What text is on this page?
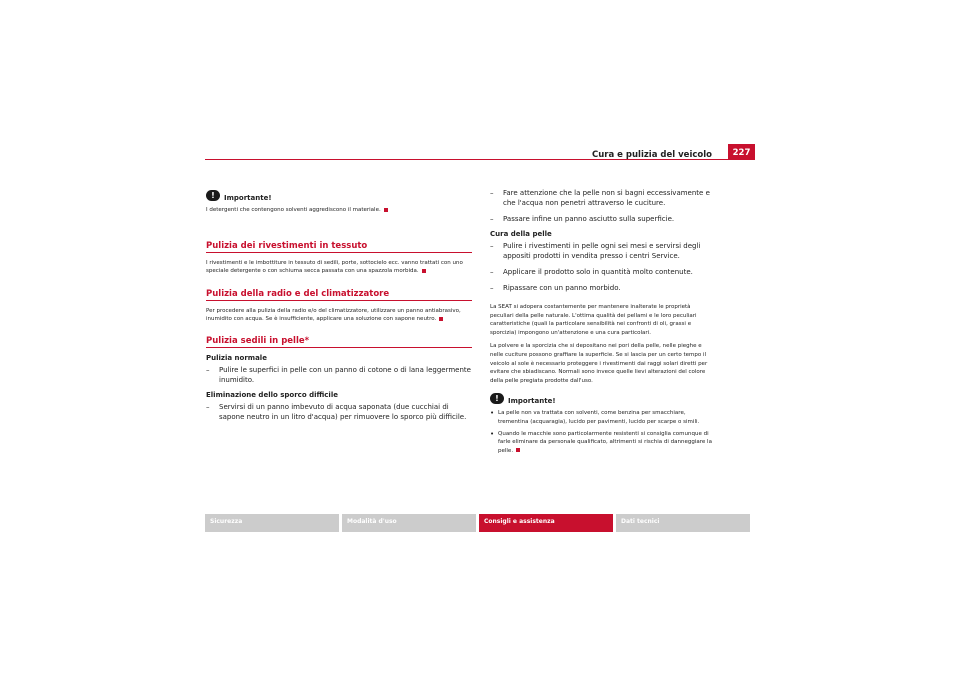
Cura e pulizia del veicolo	227
!	Importante!

I detergenti che contengono solventi aggrediscono il materiale.

Pulizia dei rivestimenti in tessuto

I rivestimenti e le imbottiture in tessuto di sedili, porte, sottocielo ecc. vanno trattati con uno speciale detergente o con schiuma secca passata con una spazzola morbida.

Pulizia della radio e del climatizzatore

Per procedere alla pulizia della radio e/o del climatizzatore, utilizzare un panno antiabrasivo, inumidito con acqua. Se è insufficiente, applicare una soluzione con sapone neutro.

Pulizia sedili in pelle*
Pulizia normale
–	Pulire le superfici in pelle con un panno di cotone o di lana leggermente inumidito.
Eliminazione dello sporco difficile
–	Servirsi di un panno imbevuto di acqua saponata (due cucchiai di sapone neutro in un litro d'acqua) per rimuovere lo sporco più difficile.
–	Fare attenzione che la pelle non si bagni eccessivamente e che l'acqua non penetri attraverso le cuciture.
–	Passare infine un panno asciutto sulla superficie.
Cura della pelle
–	Pulire i rivestimenti in pelle ogni sei mesi e servirsi degli appositi prodotti in vendita presso i centri Service.
–	Applicare il prodotto solo in quantità molto contenute.
–	Ripassare con un panno morbido.

La SEAT si adopera costantemente per mantenere inalterate le proprietà peculiari della pelle naturale. L'ottima qualità dei pellami e le loro peculiari caratteristiche (quali la particolare sensibilità nei confronti di oli, grassi e sporcizia) impongono un'attenzione e una cura particolari.

La polvere e la sporcizia che si depositano nei pori della pelle, nelle pieghe e nelle cuciture possono graffiare la superficie. Se si lascia per un certo tempo il veicolo al sole è necessario proteggere i rivestimenti dai raggi solari diretti per evitare che sbiadiscano. Normali sono invece quelle lievi alterazioni del colore della pelle pregiata prodotte dall'uso.

!	Importante!
• La pelle non va trattata con solventi, come benzina per smacchiare, trementina (acquaragia), lucido per pavimenti, lucido per scarpe o simili.
• Quando le macchie sono particolarmente resistenti si consiglia comunque di farle eliminare da personale qualificato, altrimenti si rischia di danneggiare la pelle.
Sicurezza	Modalità d'uso	Consigli e assistenza	Dati tecnici
